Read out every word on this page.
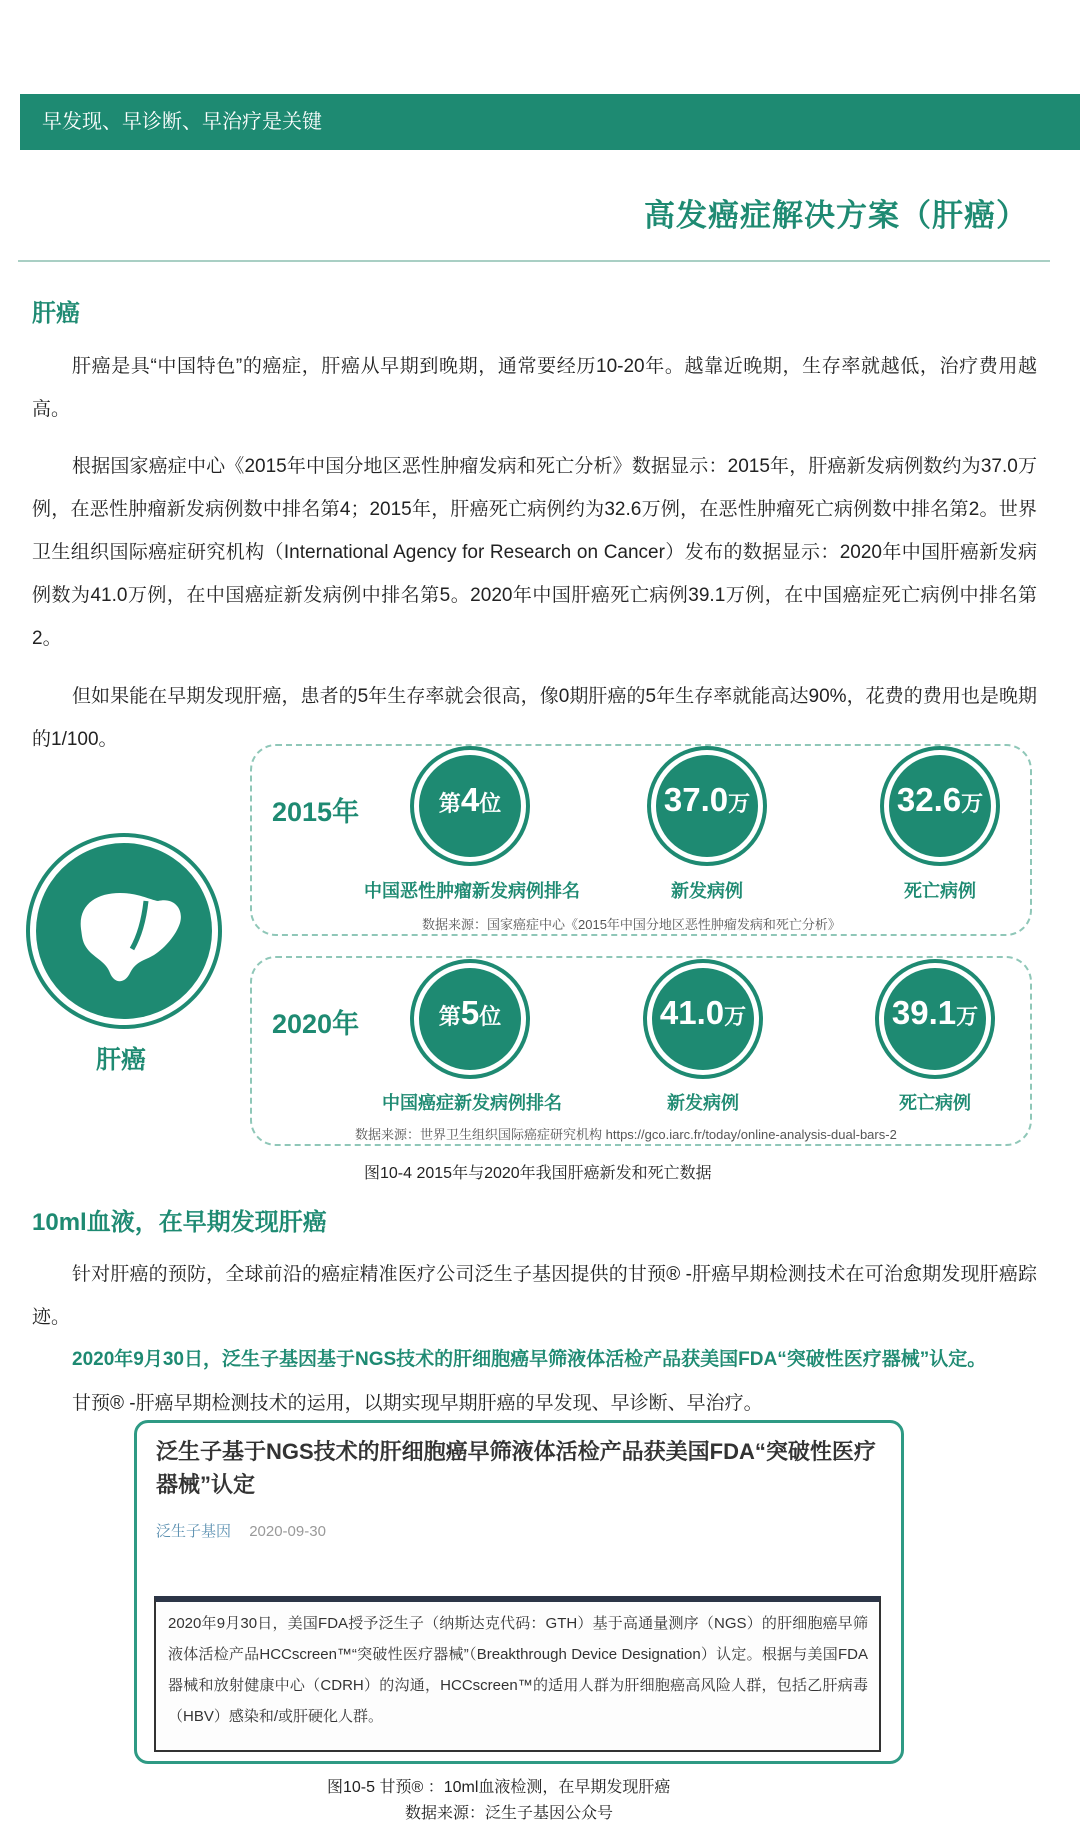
早发现、早诊断、早治疗是关键
高发癌症解决方案（肝癌）
肝癌

肝癌是具“中国特色”的癌症，肝癌从早期到晚期，通常要经历10-20年。越靠近晚期，生存率就越低，治疗费用越高。

根据国家癌症中心《2015年中国分地区恶性肿瘤发病和死亡分析》数据显示：2015年，肝癌新发病例数约为37.0万例，在恶性肿瘤新发病例数中排名第4；2015年，肝癌死亡病例约为32.6万例，在恶性肿瘤死亡病例数中排名第2。世界卫生组织国际癌症研究机构（International Agency for Research on Cancer）发布的数据显示：2020年中国肝癌新发病例数为41.0万例，在中国癌症新发病例中排名第5。2020年中国肝癌死亡病例39.1万例，在中国癌症死亡病例中排名第2。

但如果能在早期发现肝癌，患者的5年生存率就会很高，像0期肝癌的5年生存率就能高达90%，花费的费用也是晚期的1/100。

肝癌
2015年	第 4 位	37.0 万	32.6 万
中国恶性肿瘤新发病例排名	新发病例	死亡病例
数据来源：国家癌症中心《2015年中国分地区恶性肿瘤发病和死亡分析》
2020年	第 5 位	41.0 万	39.1 万
中国癌症新发病例排名	新发病例	死亡病例
数据来源：世界卫生组织国际癌症研究机构 https://gco.iarc.fr/today/online-analysis-dual-bars-2
图10-4 2015年与2020年我国肝癌新发和死亡数据
10ml血液，在早期发现肝癌

针对肝癌的预防，全球前沿的癌症精准医疗公司泛生子基因提供的甘预® -肝癌早期检测技术在可治愈期发现肝癌踪迹。

2020年9月30日，泛生子基因基于NGS技术的肝细胞癌早筛液体活检产品获美国FDA“突破性医疗器械”认定。
甘预® -肝癌早期检测技术的运用，以期实现早期肝癌的早发现、早诊断、早治疗。

泛生子基于NGS技术的肝细胞癌早筛液体活检产品获美国FDA“突破性医疗器械”认定

泛生子基因 2020-09-30

2020年9月30日，美国FDA授予泛生子（纳斯达克代码：GTH）基于高通量测序（NGS）的肝细胞癌早筛液体活检产品HCCscreen™“突破性医疗器械”（Breakthrough Device Designation）认定。根据与美国FDA器械和放射健康中心（CDRH）的沟通，HCCscreen™的适用人群为肝细胞癌高风险人群，包括乙肝病毒（HBV）感染和/或肝硬化人群。

图10-5 甘预® ：10ml血液检测，在早期发现肝癌
数据来源：泛生子基因公众号
